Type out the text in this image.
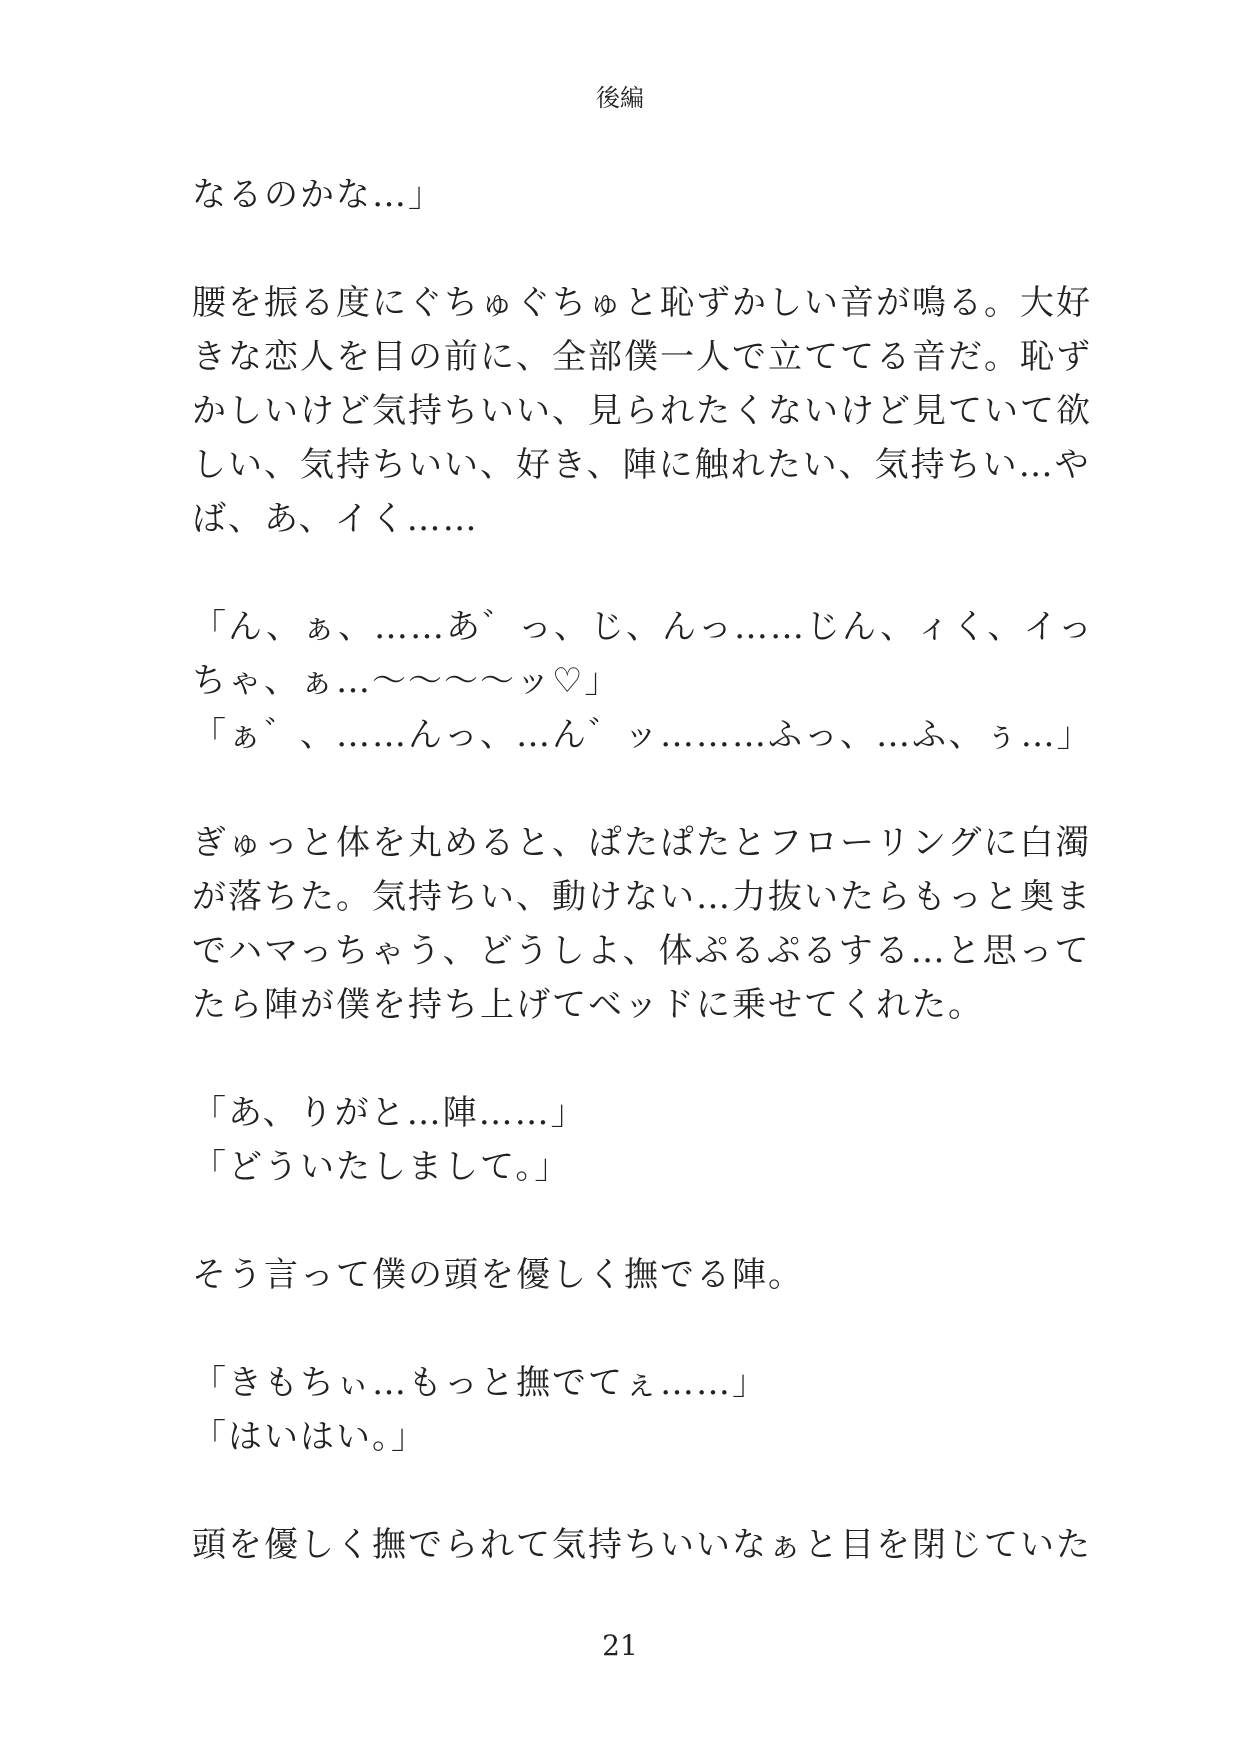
後編
なるのかな…」
腰を振る度にぐちゅぐちゅと恥ずかしい音が鳴る。大好
きな恋人を目の前に、全部僕一人で立ててる音だ。恥ず
かしいけど気持ちいい、見られたくないけど見ていて欲
しい、気持ちいい、好き、陣に触れたい、気持ちい…や
ば、あ、イく……
「ん、ぁ、……あ゛っ、じ、んっ……じん、ィく、イっ
ちゃ、ぁ…〜〜〜〜ッ♡」
「ぁ゛、……んっ、…ん゛ッ………ふっ、…ふ、ぅ…」
ぎゅっと体を丸めると、ぱたぱたとフローリングに白濁
が落ちた。気持ちい、動けない…力抜いたらもっと奥ま
でハマっちゃう、どうしよ、体ぷるぷるする…と思って
たら陣が僕を持ち上げてベッドに乗せてくれた。
「あ、りがと…陣……」
「どういたしまして。」
そう言って僕の頭を優しく撫でる陣。
「きもちぃ…もっと撫でてぇ……」
「はいはい。」
頭を優しく撫でられて気持ちいいなぁと目を閉じていた
21
